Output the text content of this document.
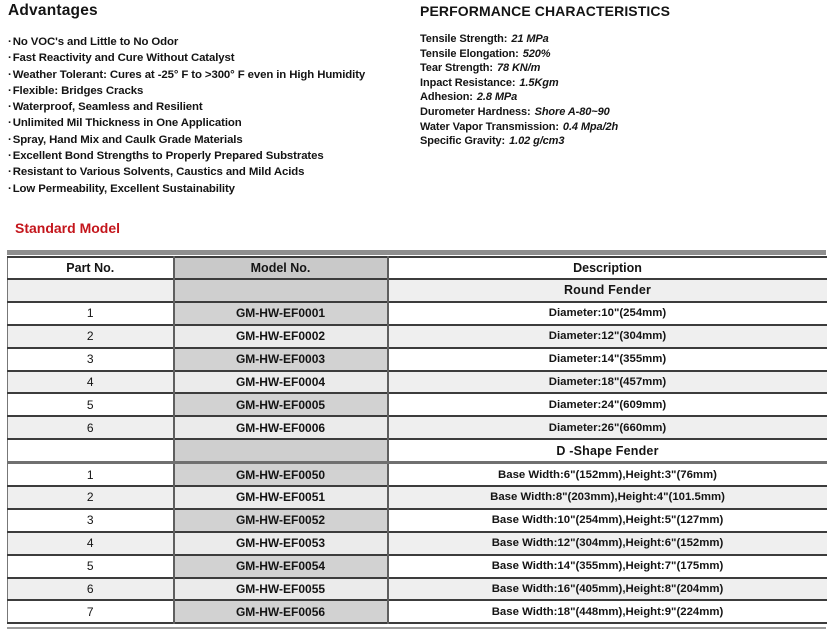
Advantages
·No VOC's and Little to No Odor
·Fast Reactivity and Cure Without Catalyst
·Weather Tolerant: Cures at -25° F to >300° F even in High Humidity
·Flexible: Bridges Cracks
·Waterproof, Seamless and Resilient
·Unlimited Mil Thickness in One Application
·Spray, Hand Mix and Caulk Grade Materials
·Excellent Bond Strengths to Properly Prepared Substrates
·Resistant to Various Solvents, Caustics and Mild Acids
·Low Permeability, Excellent Sustainability
PERFORMANCE CHARACTERISTICS
Tensile Strength: 21 MPa
Tensile Elongation: 520%
Tear Strength: 78 KN/m
Inpact Resistance: 1.5Kgm
Adhesion: 2.8 MPa
Durometer Hardness: Shore A-80~90
Water Vapor Transmission: 0.4 Mpa/2h
Specific Gravity: 1.02 g/cm3
Standard Model
Part No.	Model No.	Description
		Round Fender
1	GM-HW-EF0001	Diameter:10"(254mm)
2	GM-HW-EF0002	Diameter:12"(304mm)
3	GM-HW-EF0003	Diameter:14"(355mm)
4	GM-HW-EF0004	Diameter:18"(457mm)
5	GM-HW-EF0005	Diameter:24"(609mm)
6	GM-HW-EF0006	Diameter:26"(660mm)
		D -Shape Fender
1	GM-HW-EF0050	Base Width:6"(152mm),Height:3"(76mm)
2	GM-HW-EF0051	Base Width:8"(203mm),Height:4"(101.5mm)
3	GM-HW-EF0052	Base Width:10"(254mm),Height:5"(127mm)
4	GM-HW-EF0053	Base Width:12"(304mm),Height:6"(152mm)
5	GM-HW-EF0054	Base Width:14"(355mm),Height:7"(175mm)
6	GM-HW-EF0055	Base Width:16"(405mm),Height:8"(204mm)
7	GM-HW-EF0056	Base Width:18"(448mm),Height:9"(224mm)
